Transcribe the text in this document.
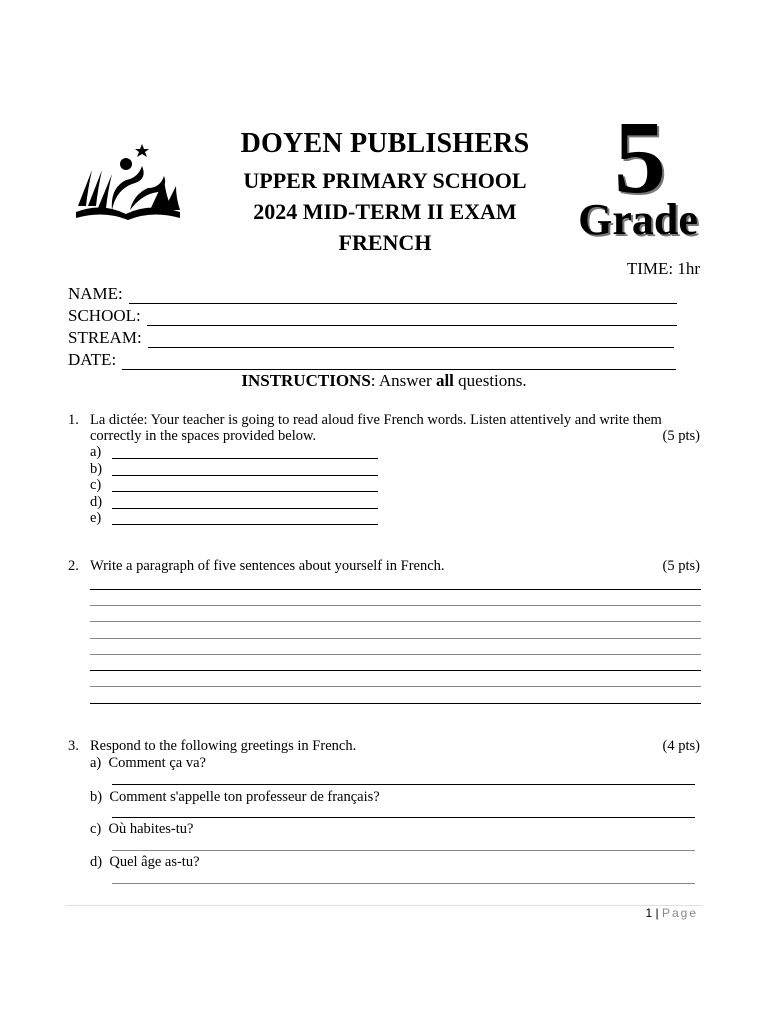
DOYEN PUBLISHERS
UPPER PRIMARY SCHOOL
2024 MID-TERM II EXAM
FRENCH
5
Grade
TIME: 1hr
NAME:
SCHOOL:
STREAM:
DATE:
INSTRUCTIONS: Answer all questions.
1. La dictée: Your teacher is going to read aloud five French words. Listen attentively and write them
correctly in the spaces provided below.	(5 pts)
a)
b)
c)
d)
e)
2. Write a paragraph of five sentences about yourself in French.	(5 pts)
3. Respond to the following greetings in French.	(4 pts)
a) Comment ça va?
b) Comment s'appelle ton professeur de français?
c) Où habites-tu?
d) Quel âge as-tu?
1 | Page
